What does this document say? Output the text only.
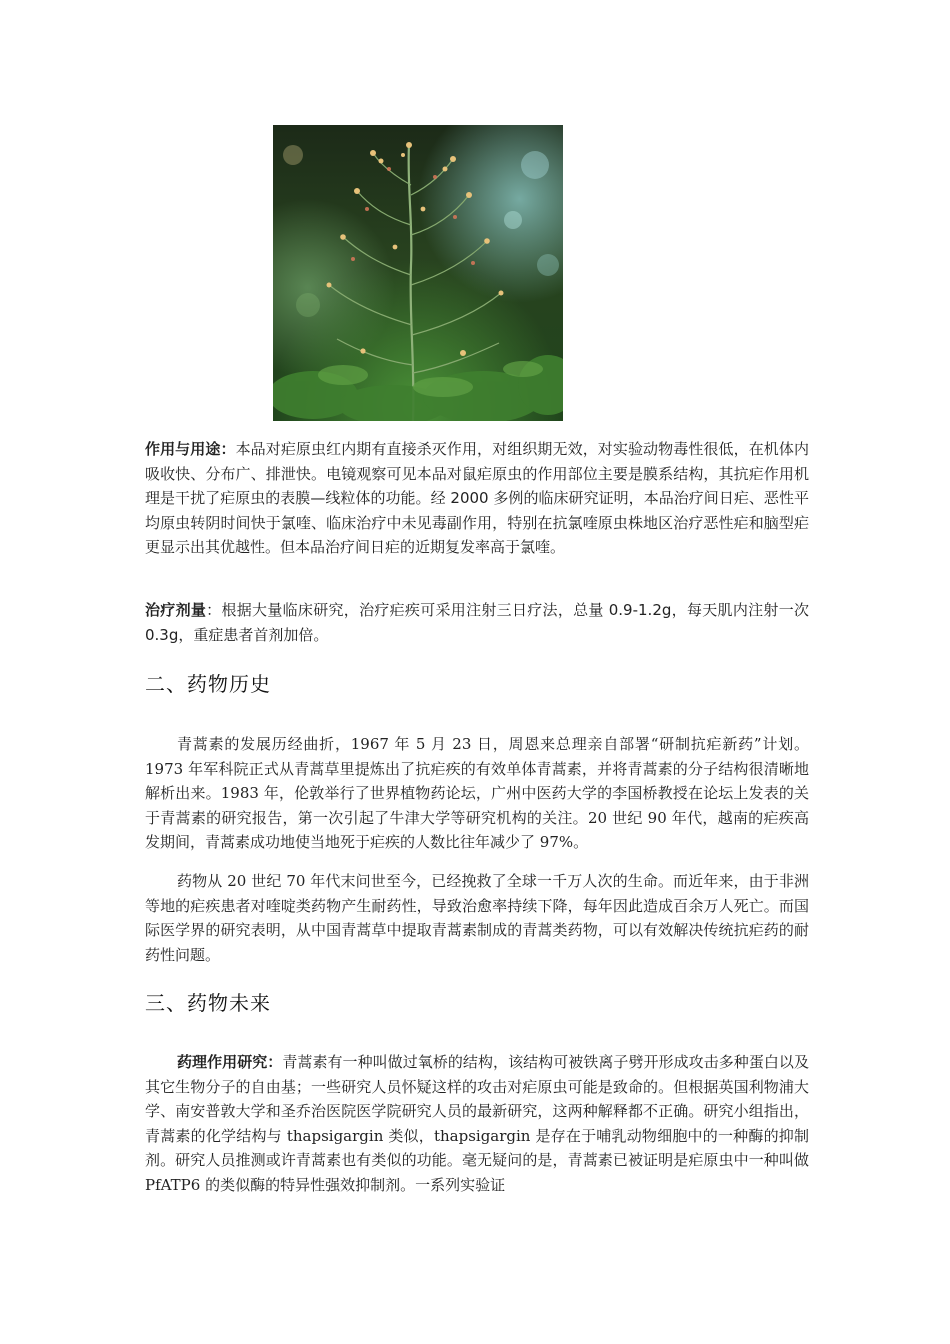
作用与用途：本品对疟原虫红内期有直接杀灭作用，对组织期无效，对实验动物毒性很低，在机体内吸收快、分布广、排泄快。电镜观察可见本品对鼠疟原虫的作用部位主要是膜系结构，其抗疟作用机理是干扰了疟原虫的表膜—线粒体的功能。经 2000 多例的临床研究证明，本品治疗间日疟、恶性平均原虫转阴时间快于氯喹、临床治疗中未见毒副作用，特别在抗氯喹原虫株地区治疗恶性疟和脑型疟更显示出其优越性。但本品治疗间日疟的近期复发率高于氯喹。

治疗剂量：根据大量临床研究，治疗疟疾可采用注射三日疗法，总量 0.9-1.2g，每天肌内注射一次 0.3g，重症患者首剂加倍。

二、药物历史

青蒿素的发展历经曲折，1967 年 5 月 23 日，周恩来总理亲自部署“研制抗疟新药”计划。1973 年军科院正式从青蒿草里提炼出了抗疟疾的有效单体青蒿素，并将青蒿素的分子结构很清晰地解析出来。1983 年，伦敦举行了世界植物药论坛，广州中医药大学的李国桥教授在论坛上发表的关于青蒿素的研究报告，第一次引起了牛津大学等研究机构的关注。20 世纪 90 年代，越南的疟疾高发期间，青蒿素成功地使当地死于疟疾的人数比往年减少了 97%。

药物从 20 世纪 70 年代末问世至今，已经挽救了全球一千万人次的生命。而近年来，由于非洲等地的疟疾患者对喹啶类药物产生耐药性，导致治愈率持续下降，每年因此造成百余万人死亡。而国际医学界的研究表明，从中国青蒿草中提取青蒿素制成的青蒿类药物，可以有效解决传统抗疟药的耐药性问题。

三、药物未来

药理作用研究：青蒿素有一种叫做过氧桥的结构，该结构可被铁离子劈开形成攻击多种蛋白以及其它生物分子的自由基；一些研究人员怀疑这样的攻击对疟原虫可能是致命的。但根据英国利物浦大学、南安普敦大学和圣乔治医院医学院研究人员的最新研究，这两种解释都不正确。研究小组指出，青蒿素的化学结构与 thapsigargin 类似，thapsigargin 是存在于哺乳动物细胞中的一种酶的抑制剂。研究人员推测或许青蒿素也有类似的功能。毫无疑问的是，青蒿素已被证明是疟原虫中一种叫做 PfATP6 的类似酶的特异性强效抑制剂。一系列实验证
